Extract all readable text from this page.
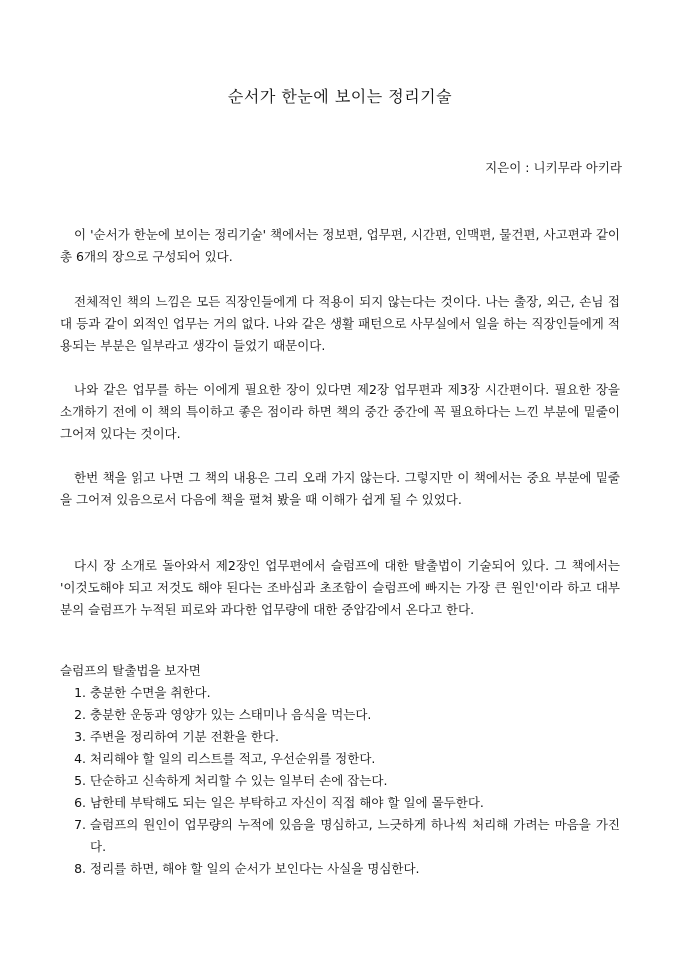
순서가 한눈에 보이는 정리기술
지은이 : 니키무라 아키라

이 '순서가 한눈에 보이는 정리기술' 책에서는 정보편, 업무편, 시간편, 인맥편, 물건편, 사고편과 같이 총 6개의 장으로 구성되어 있다.

전체적인 책의 느낌은 모든 직장인들에게 다 적용이 되지 않는다는 것이다. 나는 출장, 외근, 손님 접대 등과 같이 외적인 업무는 거의 없다. 나와 같은 생활 패턴으로 사무실에서 일을 하는 직장인들에게 적용되는 부분은 일부라고 생각이 들었기 때문이다.

나와 같은 업무를 하는 이에게 필요한 장이 있다면 제2장 업무편과 제3장 시간편이다. 필요한 장을 소개하기 전에 이 책의 특이하고 좋은 점이라 하면 책의 중간 중간에 꼭 필요하다는 느낀 부분에 밑줄이 그어져 있다는 것이다.

한번 책을 읽고 나면 그 책의 내용은 그리 오래 가지 않는다. 그렇지만 이 책에서는 중요 부분에 밑줄을 그어져 있음으로서 다음에 책을 펼쳐 봤을 때 이해가 쉽게 될 수 있었다.

다시 장 소개로 돌아와서 제2장인 업무편에서 슬럼프에 대한 탈출법이 기술되어 있다. 그 책에서는 '이것도해야 되고 저것도 해야 된다는 조바심과 초조함이 슬럼프에 빠지는 가장 큰 원인'이라 하고 대부분의 슬럼프가 누적된 피로와 과다한 업무량에 대한 중압감에서 온다고 한다.

슬럼프의 탈출법을 보자면

1. 충분한 수면을 취한다.
2. 충분한 운동과 영양가 있는 스태미나 음식을 먹는다.
3. 주변을 정리하여 기분 전환을 한다.
4. 처리해야 할 일의 리스트를 적고, 우선순위를 정한다.
5. 단순하고 신속하게 처리할 수 있는 일부터 손에 잡는다.
6. 남한테 부탁해도 되는 일은 부탁하고 자신이 직접 해야 할 일에 몰두한다.
7. 슬럼프의 원인이 업무량의 누적에 있음을 명심하고, 느긋하게 하나씩 처리해 가려는 마음을 가진다.
8. 정리를 하면, 해야 할 일의 순서가 보인다는 사실을 명심한다.
